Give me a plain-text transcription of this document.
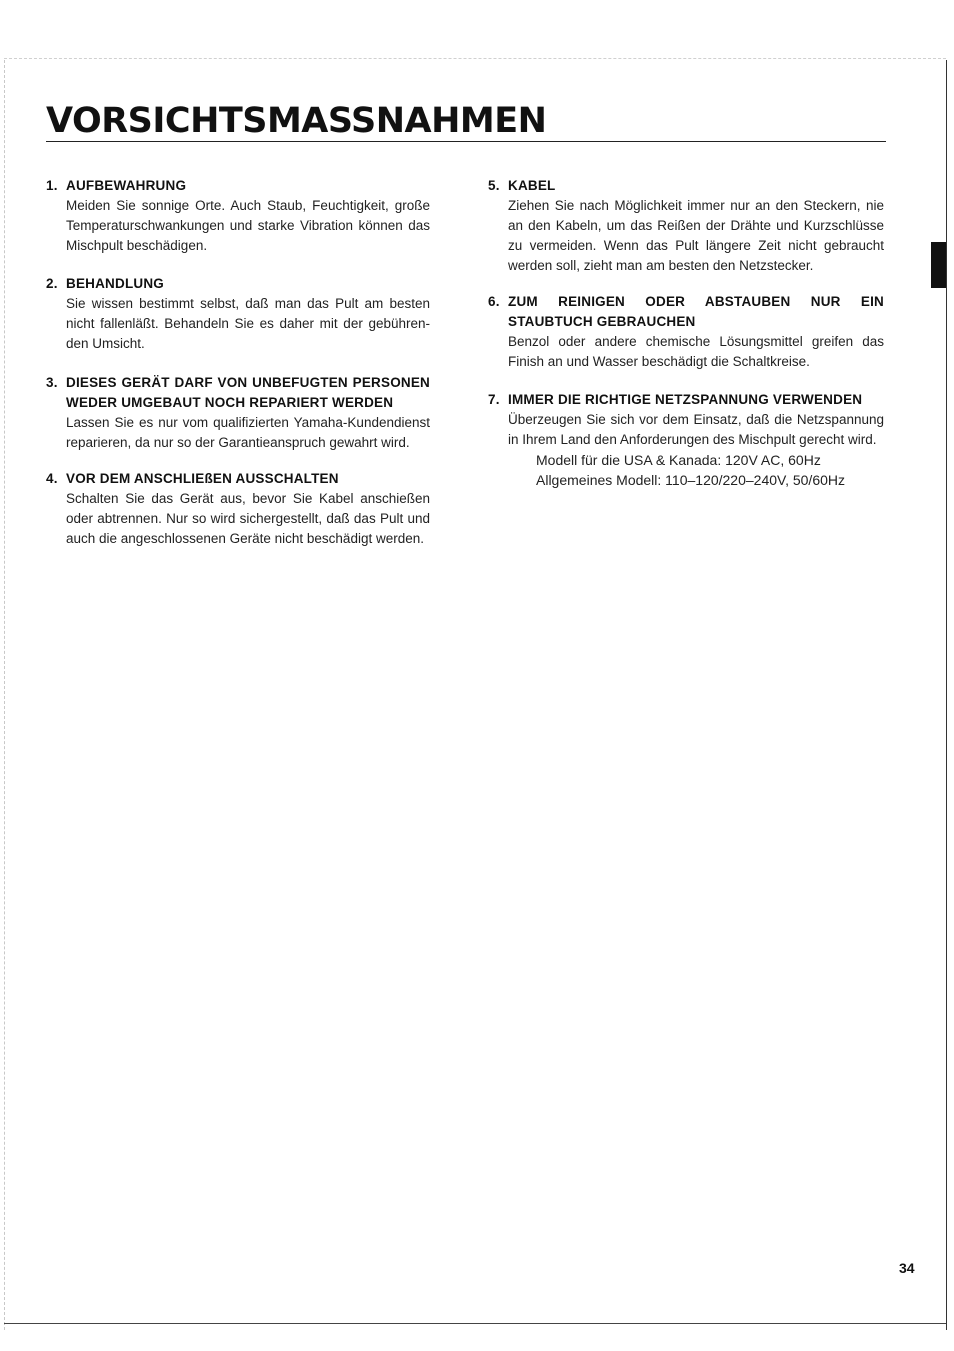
VORSICHTSMASSNAHMEN
1. AUFBEWAHRUNG
Meiden Sie sonnige Orte. Auch Staub, Feuchtigkeit, große Temperaturschwankungen und starke Vibration können das Mischpult beschädigen.
2. BEHANDLUNG
Sie wissen bestimmt selbst, daß man das Pult am besten nicht fallenläßt. Behandeln Sie es daher mit der gebühren-den Umsicht.
3. DIESES GERÄT DARF VON UNBEFUGTEN PERSONEN WEDER UMGEBAUT NOCH REPARIERT WERDEN
Lassen Sie es nur vom qualifizierten Yamaha-Kundendienst reparieren, da nur so der Garantieanspruch gewahrt wird.
4. VOR DEM ANSCHLIEßEN AUSSCHALTEN
Schalten Sie das Gerät aus, bevor Sie Kabel anschießen oder abtrennen. Nur so wird sichergestellt, daß das Pult und auch die angeschlossenen Geräte nicht beschädigt werden.
5. KABEL
Ziehen Sie nach Möglichkeit immer nur an den Steckern, nie an den Kabeln, um das Reißen der Drähte und Kurzschlüsse zu vermeiden. Wenn das Pult längere Zeit nicht gebraucht werden soll, zieht man am besten den Netzstecker.
6. ZUM REINIGEN ODER ABSTAUBEN NUR EIN STAUBTUCH GEBRAUCHEN
Benzol oder andere chemische Lösungsmittel greifen das Finish an und Wasser beschädigt die Schaltkreise.
7. IMMER DIE RICHTIGE NETZSPANNUNG VERWENDEN
Überzeugen Sie sich vor dem Einsatz, daß die Netzspannung in Ihrem Land den Anforderungen des Mischpult gerecht wird.
Modell für die USA & Kanada: 120V AC, 60Hz
Allgemeines Modell: 110–120/220–240V, 50/60Hz
34
